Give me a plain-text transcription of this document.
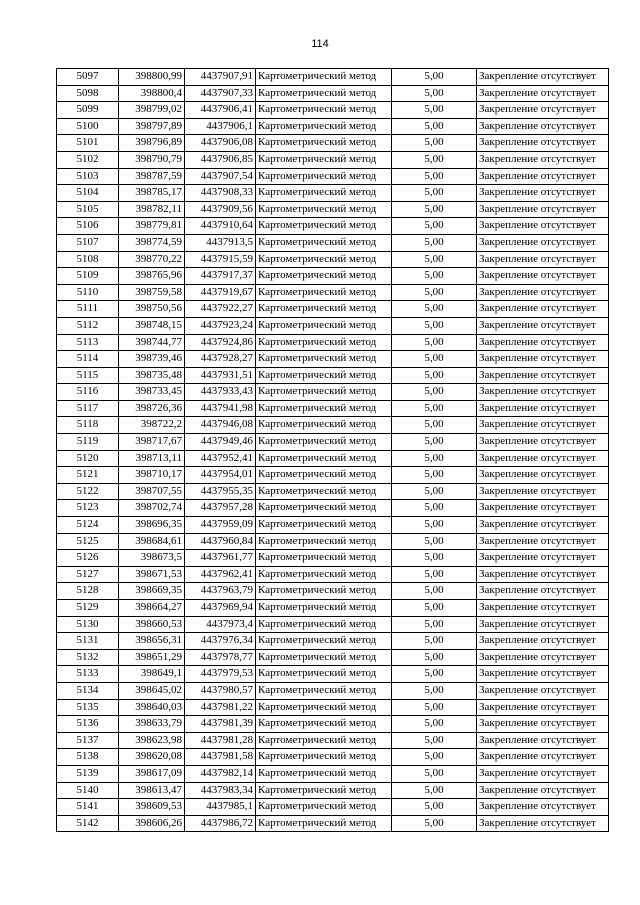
114
5097	398800,99	4437907,91	Картометрический метод	5,00	Закрепление отсутствует
5098	398800,4	4437907,33	Картометрический метод	5,00	Закрепление отсутствует
5099	398799,02	4437906,41	Картометрический метод	5,00	Закрепление отсутствует
5100	398797,89	4437906,1	Картометрический метод	5,00	Закрепление отсутствует
5101	398796,89	4437906,08	Картометрический метод	5,00	Закрепление отсутствует
5102	398790,79	4437906,85	Картометрический метод	5,00	Закрепление отсутствует
5103	398787,59	4437907,54	Картометрический метод	5,00	Закрепление отсутствует
5104	398785,17	4437908,33	Картометрический метод	5,00	Закрепление отсутствует
5105	398782,11	4437909,56	Картометрический метод	5,00	Закрепление отсутствует
5106	398779,81	4437910,64	Картометрический метод	5,00	Закрепление отсутствует
5107	398774,59	4437913,5	Картометрический метод	5,00	Закрепление отсутствует
5108	398770,22	4437915,59	Картометрический метод	5,00	Закрепление отсутствует
5109	398765,96	4437917,37	Картометрический метод	5,00	Закрепление отсутствует
5110	398759,58	4437919,67	Картометрический метод	5,00	Закрепление отсутствует
5111	398750,56	4437922,27	Картометрический метод	5,00	Закрепление отсутствует
5112	398748,15	4437923,24	Картометрический метод	5,00	Закрепление отсутствует
5113	398744,77	4437924,86	Картометрический метод	5,00	Закрепление отсутствует
5114	398739,46	4437928,27	Картометрический метод	5,00	Закрепление отсутствует
5115	398735,48	4437931,51	Картометрический метод	5,00	Закрепление отсутствует
5116	398733,45	4437933,43	Картометрический метод	5,00	Закрепление отсутствует
5117	398726,36	4437941,98	Картометрический метод	5,00	Закрепление отсутствует
5118	398722,2	4437946,08	Картометрический метод	5,00	Закрепление отсутствует
5119	398717,67	4437949,46	Картометрический метод	5,00	Закрепление отсутствует
5120	398713,11	4437952,41	Картометрический метод	5,00	Закрепление отсутствует
5121	398710,17	4437954,01	Картометрический метод	5,00	Закрепление отсутствует
5122	398707,55	4437955,35	Картометрический метод	5,00	Закрепление отсутствует
5123	398702,74	4437957,28	Картометрический метод	5,00	Закрепление отсутствует
5124	398696,35	4437959,09	Картометрический метод	5,00	Закрепление отсутствует
5125	398684,61	4437960,84	Картометрический метод	5,00	Закрепление отсутствует
5126	398673,5	4437961,77	Картометрический метод	5,00	Закрепление отсутствует
5127	398671,53	4437962,41	Картометрический метод	5,00	Закрепление отсутствует
5128	398669,35	4437963,79	Картометрический метод	5,00	Закрепление отсутствует
5129	398664,27	4437969,94	Картометрический метод	5,00	Закрепление отсутствует
5130	398660,53	4437973,4	Картометрический метод	5,00	Закрепление отсутствует
5131	398656,31	4437976,34	Картометрический метод	5,00	Закрепление отсутствует
5132	398651,29	4437978,77	Картометрический метод	5,00	Закрепление отсутствует
5133	398649,1	4437979,53	Картометрический метод	5,00	Закрепление отсутствует
5134	398645,02	4437980,57	Картометрический метод	5,00	Закрепление отсутствует
5135	398640,03	4437981,22	Картометрический метод	5,00	Закрепление отсутствует
5136	398633,79	4437981,39	Картометрический метод	5,00	Закрепление отсутствует
5137	398623,98	4437981,28	Картометрический метод	5,00	Закрепление отсутствует
5138	398620,08	4437981,58	Картометрический метод	5,00	Закрепление отсутствует
5139	398617,09	4437982,14	Картометрический метод	5,00	Закрепление отсутствует
5140	398613,47	4437983,34	Картометрический метод	5,00	Закрепление отсутствует
5141	398609,53	4437985,1	Картометрический метод	5,00	Закрепление отсутствует
5142	398606,26	4437986,72	Картометрический метод	5,00	Закрепление отсутствует
